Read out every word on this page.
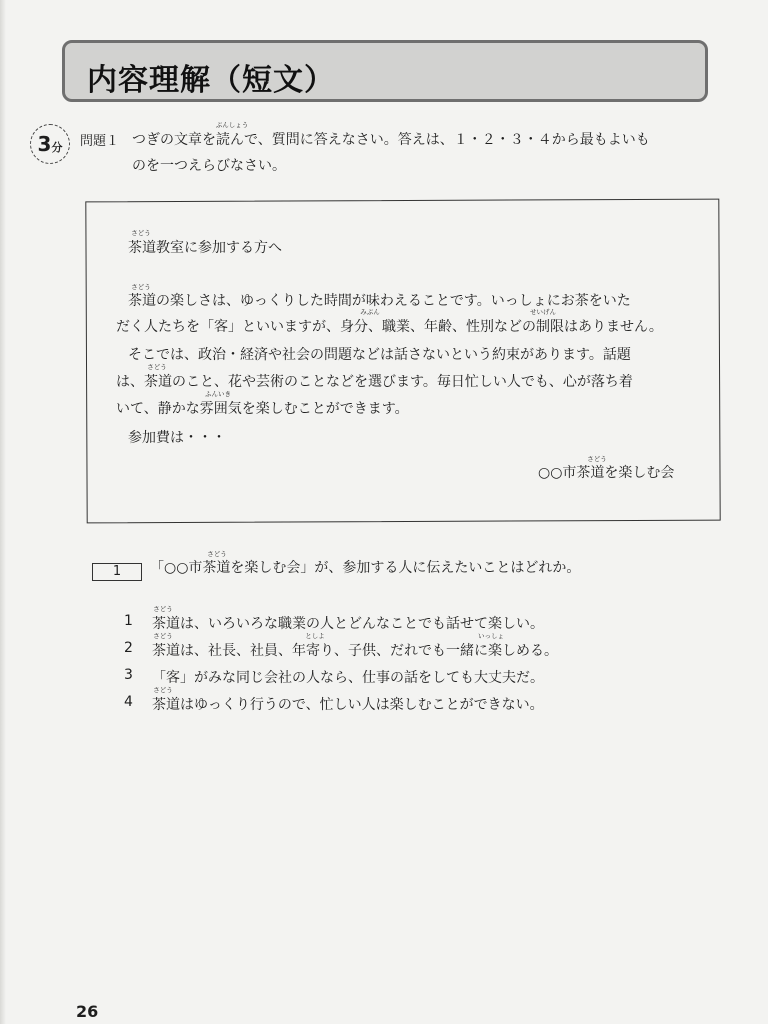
内容理解（短文）
3分	問題１
ぶんしょう
つぎの文章を読んで、質問に答えなさい。答えは、１・２・３・４から最もよいも
のを一つえらびなさい。
さどう
茶道教室に参加する方へ
さどう
茶道の楽しさは、ゆっくりした時間が味わえることです。いっしょにお茶をいた
みぶん	せいげん
だく人たちを「客」といいますが、身分、職業、年齢、性別などの制限はありません。
そこでは、政治・経済や社会の問題などは話さないという約束があります。話題
さどう
は、茶道のこと、花や芸術のことなどを選びます。毎日忙しい人でも、心が落ち着
ふんいき
いて、静かな雰囲気を楽しむことができます。
参加費は・・・
さどう
○○市茶道を楽しむ会
1
さどう
「○○市茶道を楽しむ会」が、参加する人に伝えたいことはどれか。
さどう
1 茶道は、いろいろな職業の人とどんなことでも話せて楽しい。
さどう	としよ	いっしょ
2 茶道は、社長、社員、年寄り、子供、だれでも一緒に楽しめる。
3 「客」がみな同じ会社の人なら、仕事の話をしても大丈夫だ。
さどう
4 茶道はゆっくり行うので、忙しい人は楽しむことができない。
26
